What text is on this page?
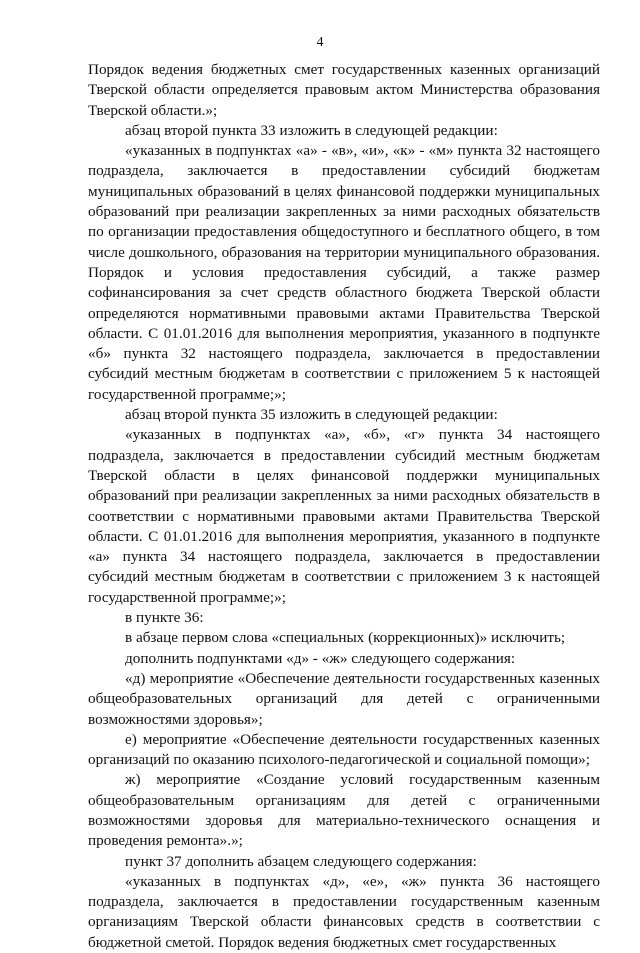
4

Порядок ведения бюджетных смет государственных казенных организаций Тверской области определяется правовым актом Министерства образования Тверской области.»;

абзац второй пункта 33 изложить в следующей редакции:

«указанных в подпунктах «а» - «в», «и», «к» - «м» пункта 32 настоящего подраздела, заключается в предоставлении субсидий бюджетам муниципальных образований в целях финансовой поддержки муниципальных образований при реализации закрепленных за ними расходных обязательств по организации предоставления общедоступного и бесплатного общего, в том числе дошкольного, образования на территории муниципального образования. Порядок и условия предоставления субсидий, а также размер софинансирования за счет средств областного бюджета Тверской области определяются нормативными правовыми актами Правительства Тверской области. С 01.01.2016 для выполнения мероприятия, указанного в подпункте «б» пункта 32 настоящего подраздела, заключается в предоставлении субсидий местным бюджетам в соответствии с приложением 5 к настоящей государственной программе;»;

абзац второй пункта 35 изложить в следующей редакции:

«указанных в подпунктах «а», «б», «г» пункта 34 настоящего подраздела, заключается в предоставлении субсидий местным бюджетам Тверской области в целях финансовой поддержки муниципальных образований при реализации закрепленных за ними расходных обязательств в соответствии с нормативными правовыми актами Правительства Тверской области. С 01.01.2016 для выполнения мероприятия, указанного в подпункте «а» пункта 34 настоящего подраздела, заключается в предоставлении субсидий местным бюджетам в соответствии с приложением 3 к настоящей государственной программе;»;

в пункте 36:

в абзаце первом слова «специальных (коррекционных)» исключить;

дополнить подпунктами «д» - «ж» следующего содержания:

«д) мероприятие «Обеспечение деятельности государственных казенных общеобразовательных организаций для детей с ограниченными возможностями здоровья»;

е) мероприятие «Обеспечение деятельности государственных казенных организаций по оказанию психолого-педагогической и социальной помощи»;

ж) мероприятие «Создание условий государственным казенным общеобразовательным организациям для детей с ограниченными возможностями здоровья для материально-технического оснащения и проведения ремонта».»;

пункт 37 дополнить абзацем следующего содержания:

«указанных в подпунктах «д», «е», «ж» пункта 36 настоящего подраздела, заключается в предоставлении государственным казенным организациям Тверской области финансовых средств в соответствии с бюджетной сметой. Порядок ведения бюджетных смет государственных
